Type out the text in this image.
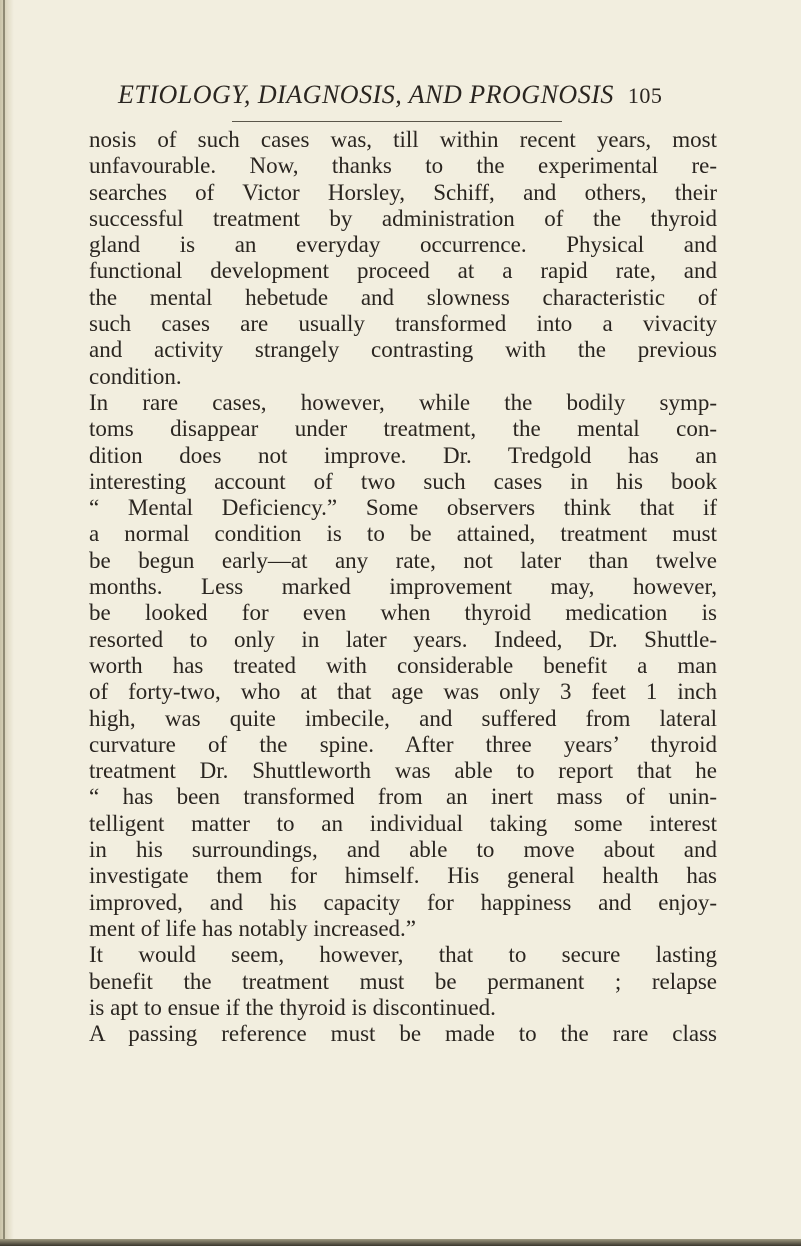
ETIOLOGY, DIAGNOSIS, AND PROGNOSIS 105
nosis of such cases was, till within recent years, most
unfavourable. Now, thanks to the experimental re-
searches of Victor Horsley, Schiff, and others, their
successful treatment by administration of the thyroid
gland is an everyday occurrence. Physical and
functional development proceed at a rapid rate, and
the mental hebetude and slowness characteristic of
such cases are usually transformed into a vivacity
and activity strangely contrasting with the previous
condition.
In rare cases, however, while the bodily symp-
toms disappear under treatment, the mental con-
dition does not improve. Dr. Tredgold has an
interesting account of two such cases in his book
“ Mental Deficiency.” Some observers think that if
a normal condition is to be attained, treatment must
be begun early—at any rate, not later than twelve
months. Less marked improvement may, however,
be looked for even when thyroid medication is
resorted to only in later years. Indeed, Dr. Shuttle-
worth has treated with considerable benefit a man
of forty-two, who at that age was only 3 feet 1 inch
high, was quite imbecile, and suffered from lateral
curvature of the spine. After three years’ thyroid
treatment Dr. Shuttleworth was able to report that he
“ has been transformed from an inert mass of unin-
telligent matter to an individual taking some interest
in his surroundings, and able to move about and
investigate them for himself. His general health has
improved, and his capacity for happiness and enjoy-
ment of life has notably increased.”
It would seem, however, that to secure lasting
benefit the treatment must be permanent ; relapse
is apt to ensue if the thyroid is discontinued.
A passing reference must be made to the rare class
